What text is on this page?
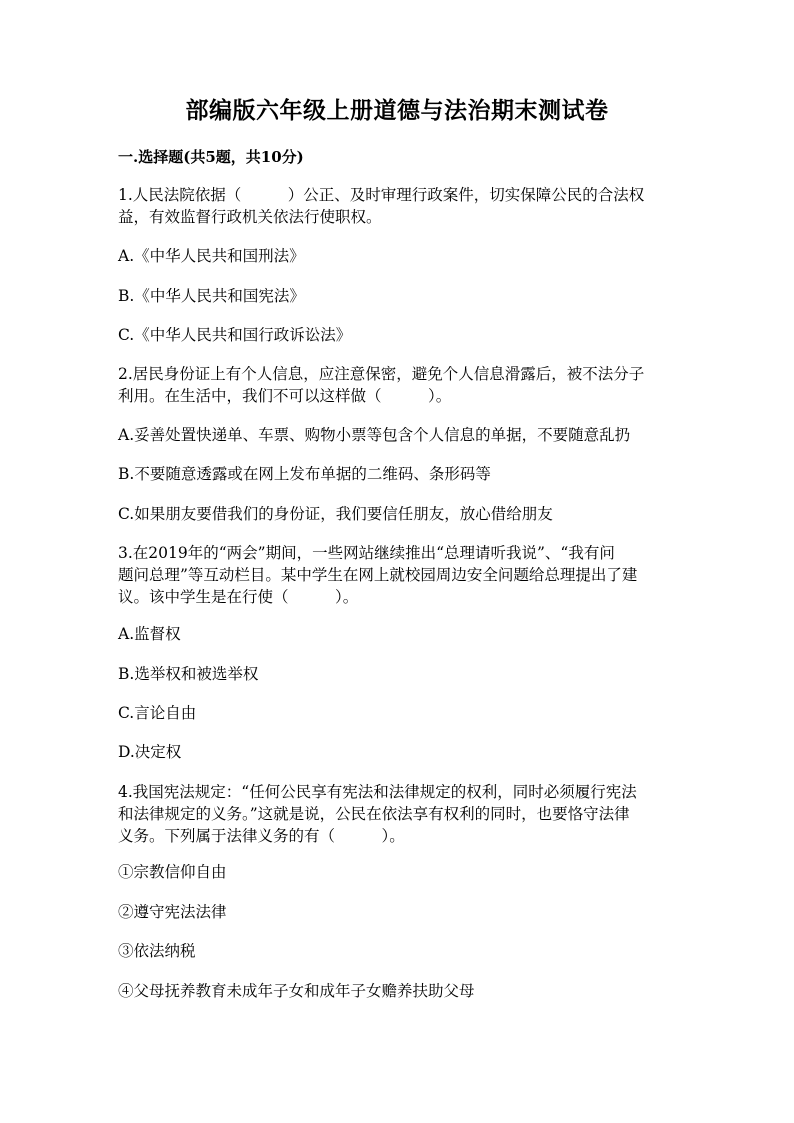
部编版六年级上册道德与法治期末测试卷
一.选择题(共5题，共10分)
1.人民法院依据（　　　）公正、及时审理行政案件，切实保障公民的合法权
益，有效监督行政机关依法行使职权。
A.《中华人民共和国刑法》
B.《中华人民共和国宪法》
C.《中华人民共和国行政诉讼法》
2.居民身份证上有个人信息，应注意保密，避免个人信息滑露后，被不法分子
利用。在生活中，我们不可以这样做（　　　）。
A.妥善处置快递单、车票、购物小票等包含个人信息的单据，不要随意乱扔
B.不要随意透露或在网上发布单据的二维码、条形码等
C.如果朋友要借我们的身份证，我们要信任朋友，放心借给朋友
3.在2019年的“两会”期间，一些网站继续推出“总理请听我说”、“我有问
题问总理”等互动栏目。某中学生在网上就校园周边安全问题给总理提出了建
议。该中学生是在行使（　　　）。
A.监督权
B.选举权和被选举权
C.言论自由
D.决定权
4.我国宪法规定：“任何公民享有宪法和法律规定的权利，同时必须履行宪法
和法律规定的义务。”这就是说，公民在依法享有权利的同时，也要恪守法律
义务。下列属于法律义务的有（　　　）。
①宗教信仰自由
②遵守宪法法律
③依法纳税
④父母抚养教育未成年子女和成年子女赡养扶助父母
